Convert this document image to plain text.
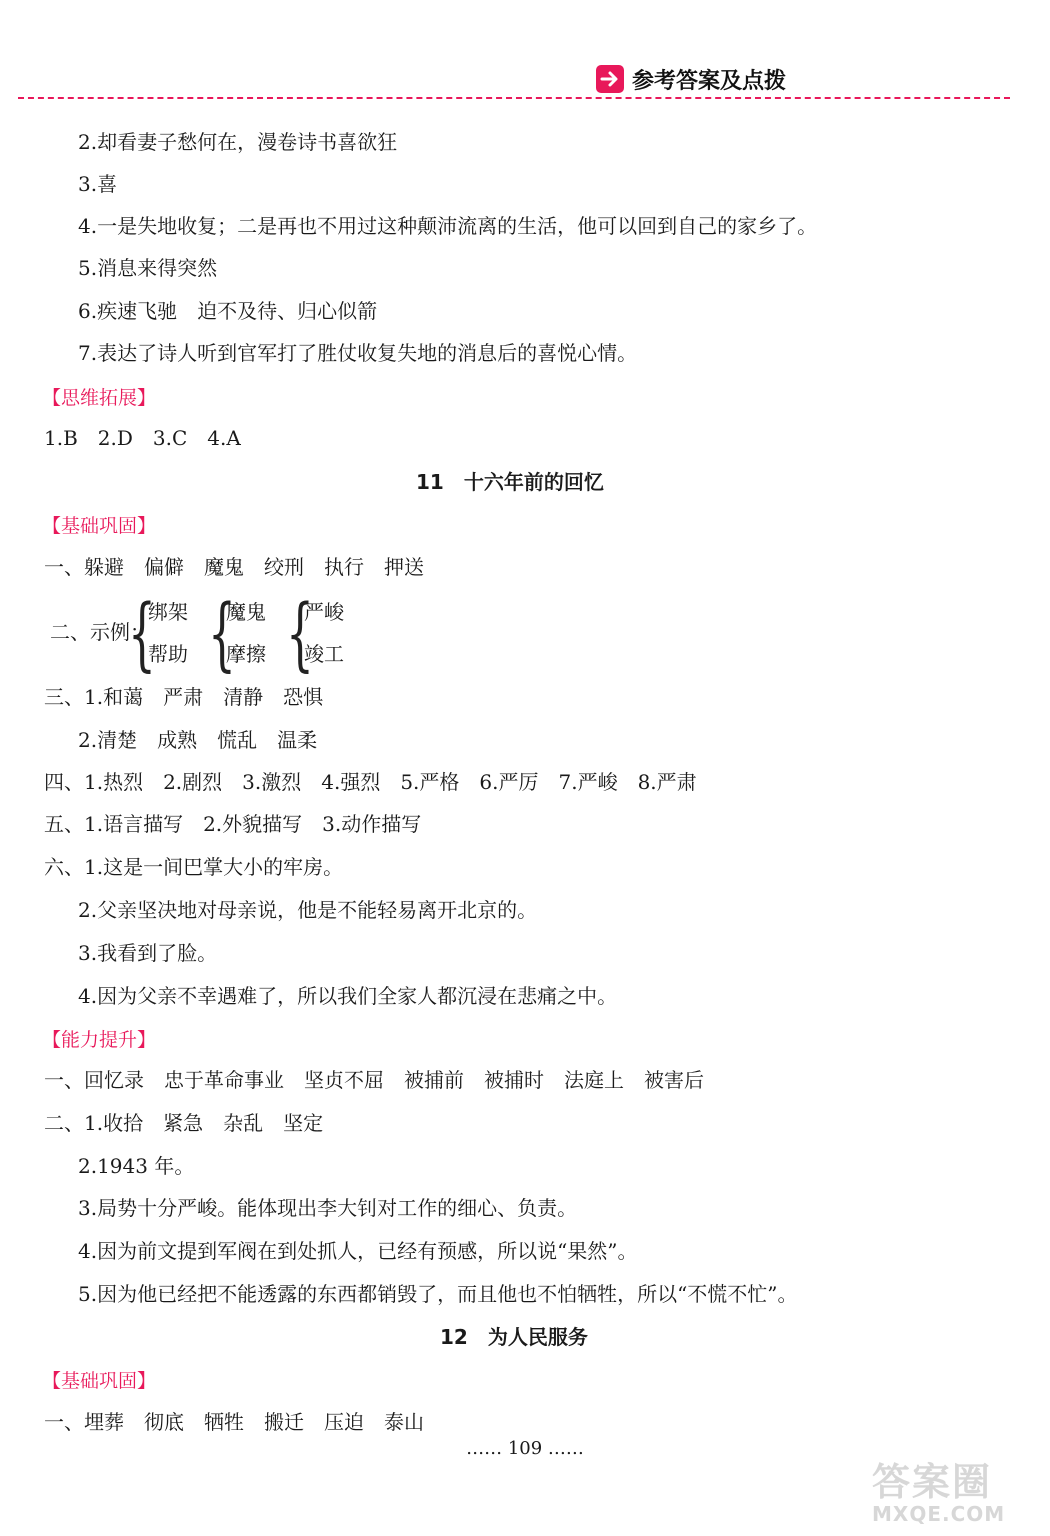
参考答案及点拨
2.却看妻子愁何在，漫卷诗书喜欲狂
3.喜
4.一是失地收复；二是再也不用过这种颠沛流离的生活，他可以回到自己的家乡了。
5.消息来得突然
6.疾速飞驰　迫不及待、归心似箭
7.表达了诗人听到官军打了胜仗收复失地的消息后的喜悦心情。
【思维拓展】
1.B　2.D　3.C　4.A
11　十六年前的回忆
【基础巩固】
一、躲避　偏僻　魔鬼　绞刑　执行　押送
二、示例：
{
绑架
帮助 {
魔鬼
摩擦 {
严峻
竣工
三、1.和蔼　严肃　清静　恐惧
2.清楚　成熟　慌乱　温柔
四、1.热烈　2.剧烈　3.激烈　4.强烈　5.严格　6.严厉　7.严峻　8.严肃
五、1.语言描写　2.外貌描写　3.动作描写
六、1.这是一间巴掌大小的牢房。
2.父亲坚决地对母亲说，他是不能轻易离开北京的。
3.我看到了脸。
4.因为父亲不幸遇难了，所以我们全家人都沉浸在悲痛之中。
【能力提升】
一、回忆录　忠于革命事业　坚贞不屈　被捕前　被捕时　法庭上　被害后
二、1.收拾　紧急　杂乱　坚定
2.1943 年。
3.局势十分严峻。能体现出李大钊对工作的细心、负责。
4.因为前文提到军阀在到处抓人，已经有预感，所以说“果然”。
5.因为他已经把不能透露的东西都销毁了，而且他也不怕牺牲，所以“不慌不忙”。
12　为人民服务
【基础巩固】
一、埋葬　彻底　牺牲　搬迁　压迫　泰山
…… 109 ……
答案圈
MXQE.COM
